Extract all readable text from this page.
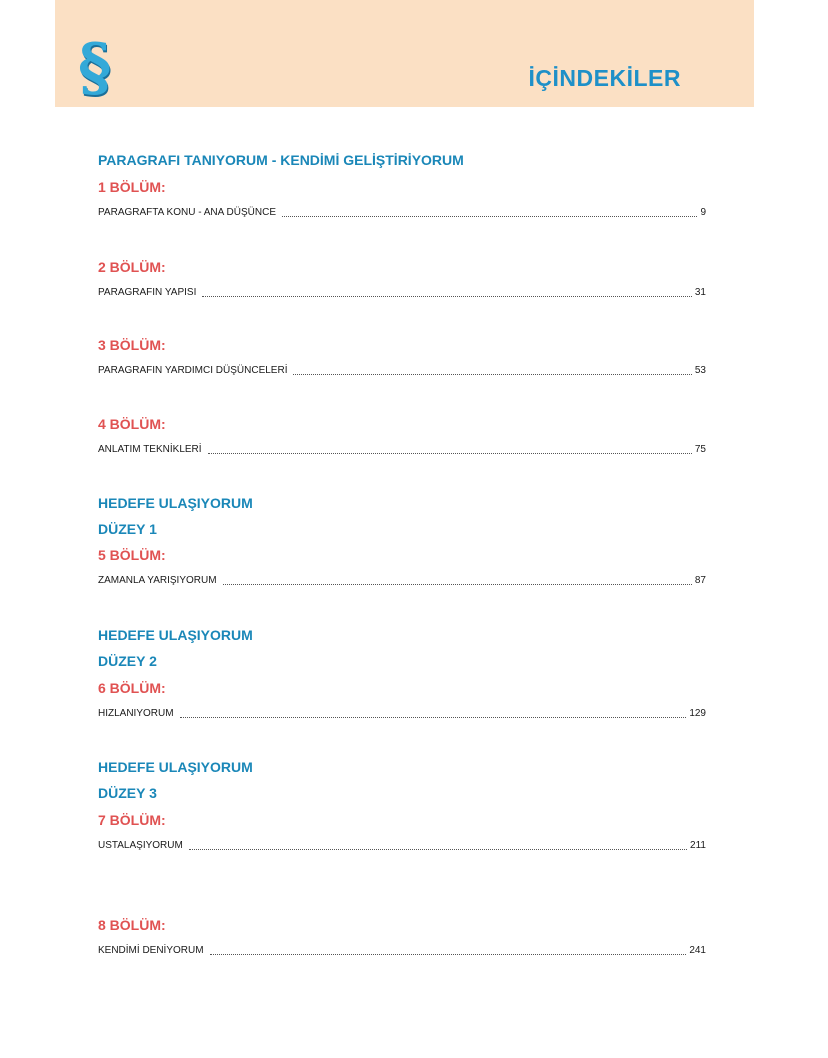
§	İÇİNDEKİLER
PARAGRAFI TANIYORUM - KENDİMİ GELİŞTİRİYORUM
1 BÖLÜM:
PARAGRAFTA KONU - ANA DÜŞÜNCE	9
2 BÖLÜM:
PARAGRAFIN YAPISI	31
3 BÖLÜM:
PARAGRAFIN YARDIMCI DÜŞÜNCELERİ	53
4 BÖLÜM:
ANLATIM TEKNİKLERİ	75
HEDEFE ULAŞIYORUM
DÜZEY 1
5 BÖLÜM:
ZAMANLA YARIŞIYORUM	87
HEDEFE ULAŞIYORUM
DÜZEY 2
6 BÖLÜM:
HIZLANIYORUM	129
HEDEFE ULAŞIYORUM
DÜZEY 3
7 BÖLÜM:
USTALAŞIYORUM	211
8 BÖLÜM:
KENDİMİ DENİYORUM	241
